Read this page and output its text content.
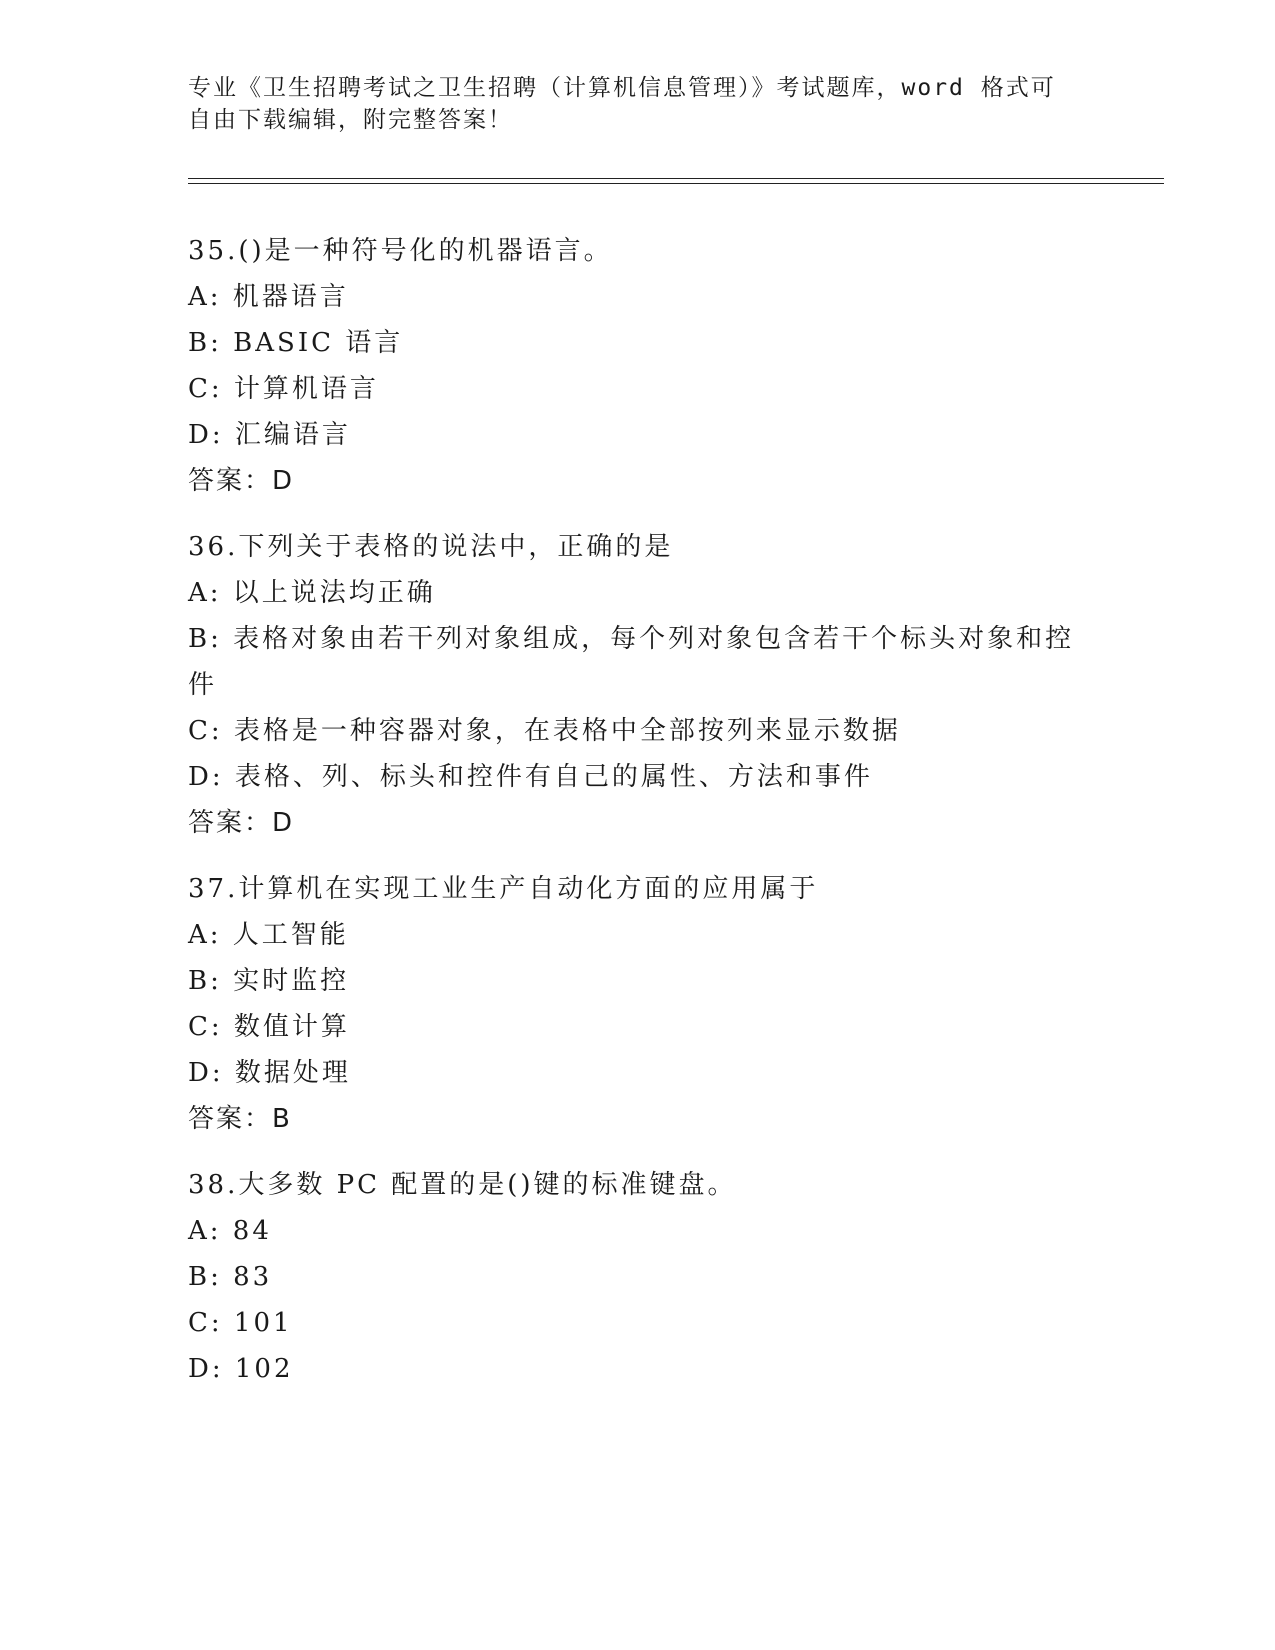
专业《卫生招聘考试之卫生招聘（计算机信息管理）》考试题库，word 格式可自由下载编辑，附完整答案！
35.()是一种符号化的机器语言。
A: 机器语言
B: BASIC 语言
C: 计算机语言
D: 汇编语言
答案：D
36.下列关于表格的说法中，正确的是
A: 以上说法均正确
B: 表格对象由若干列对象组成，每个列对象包含若干个标头对象和控件
C: 表格是一种容器对象，在表格中全部按列来显示数据
D: 表格、列、标头和控件有自己的属性、方法和事件
答案：D
37.计算机在实现工业生产自动化方面的应用属于
A: 人工智能
B: 实时监控
C: 数值计算
D: 数据处理
答案：B
38.大多数 PC 配置的是()键的标准键盘。
A: 84
B: 83
C: 101
D: 102
